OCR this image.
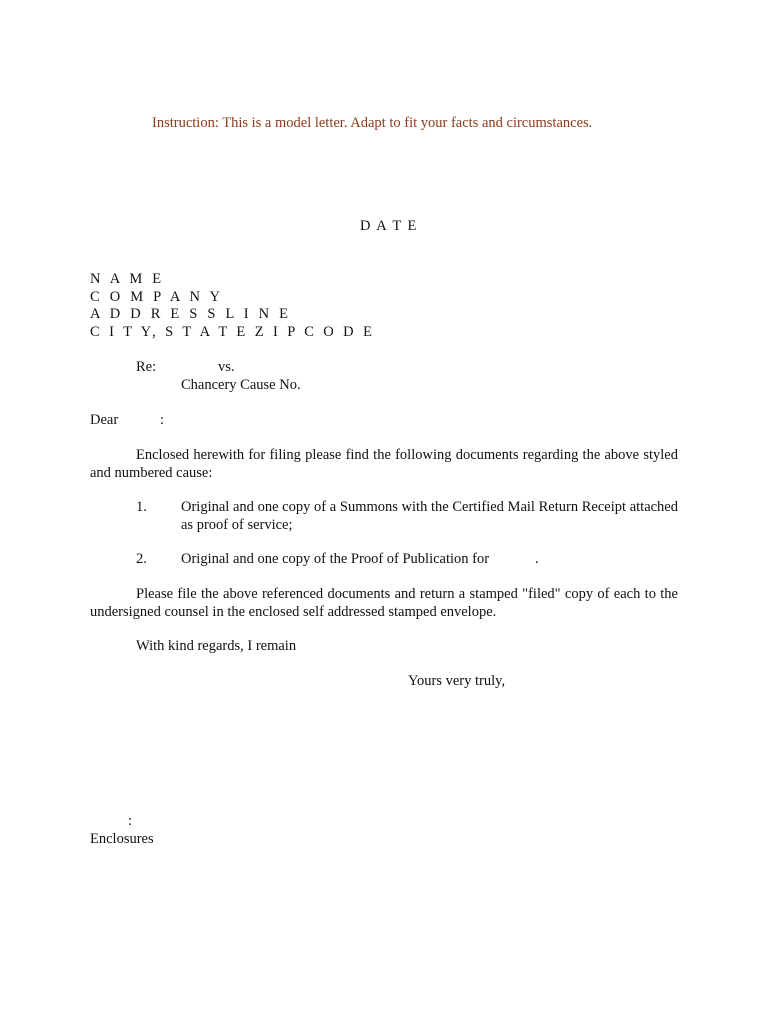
Instruction: This is a model letter. Adapt to fit your facts and circumstances.
D A T E
N A M E
C O M P A N Y
A D D R E S S L I N E
C I T Y, S T A T E Z I P C O D E
Re:	vs.
Chancery Cause No.
Dear	:

Enclosed herewith for filing please find the following documents regarding the above styled and numbered cause:

1. Original and one copy of a Summons with the Certified Mail Return Receipt attached as proof of service;
2. Original and one copy of the Proof of Publication for	.

Please file the above referenced documents and return a stamped "filed" copy of each to the undersigned counsel in the enclosed self addressed stamped envelope.

With kind regards, I remain
Yours very truly,
:
Enclosures
